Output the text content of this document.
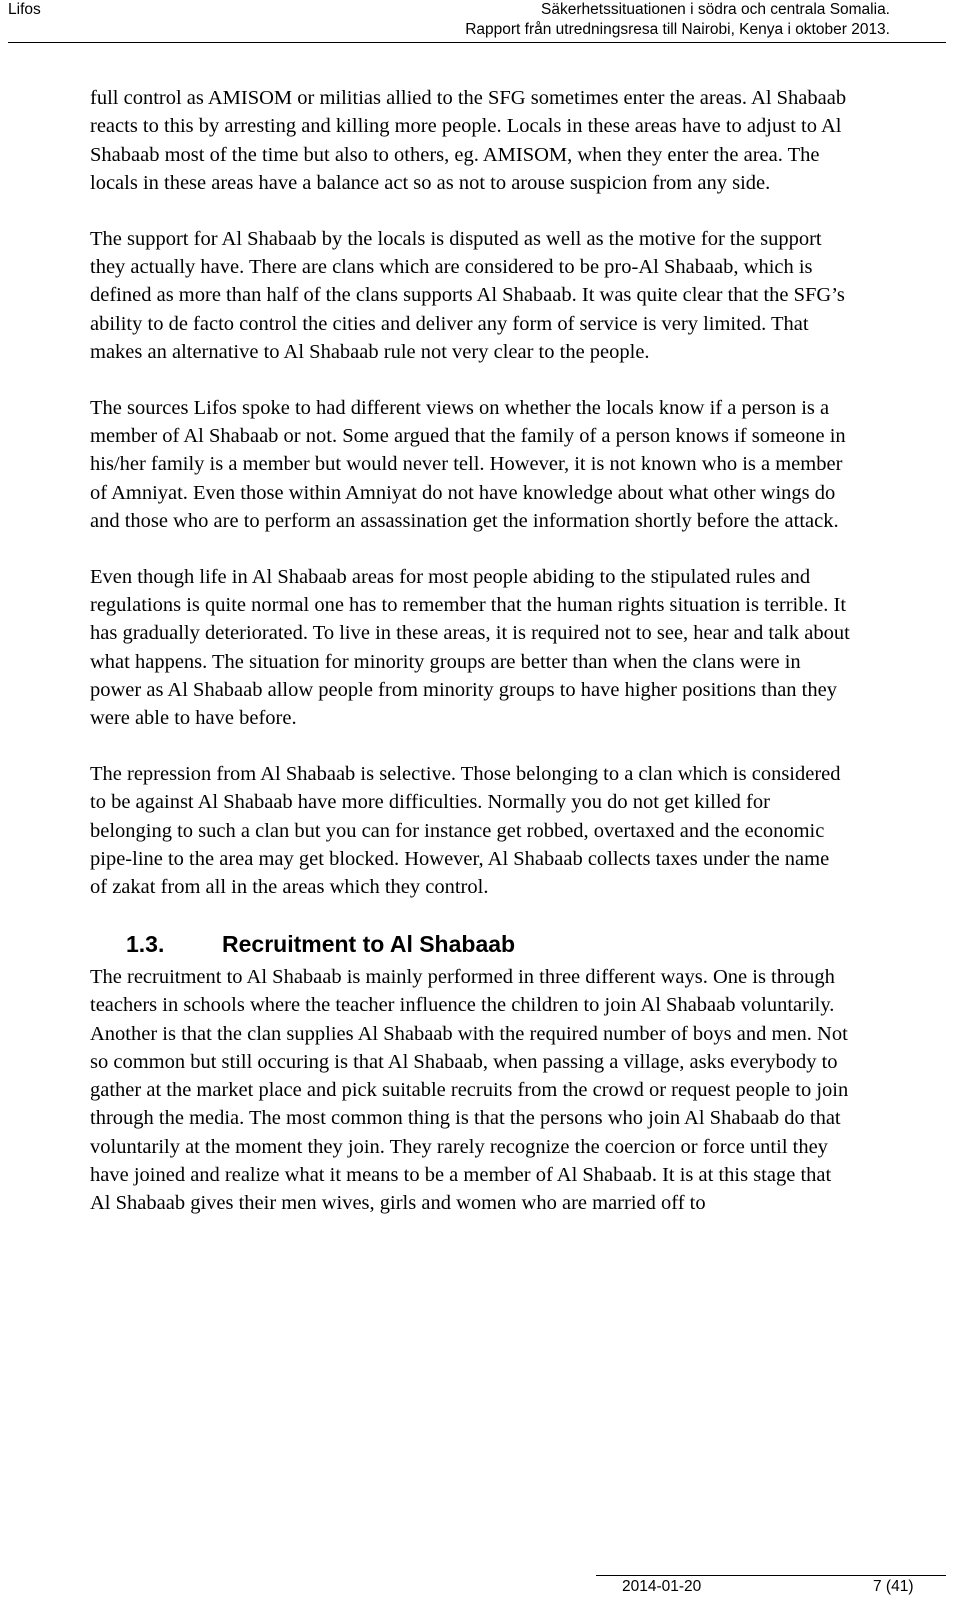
Lifos	Säkerhetssituationen i södra och centrala Somalia.
Rapport från utredningsresa till Nairobi, Kenya i oktober 2013.

full control as AMISOM or militias allied to the SFG sometimes enter the areas. Al Shabaab reacts to this by arresting and killing more people. Locals in these areas have to adjust to Al Shabaab most of the time but also to others, eg. AMISOM, when they enter the area. The locals in these areas have a balance act so as not to arouse suspicion from any side.

The support for Al Shabaab by the locals is disputed as well as the motive for the support they actually have. There are clans which are considered to be pro-Al Shabaab, which is defined as more than half of the clans supports Al Shabaab. It was quite clear that the SFG’s ability to de facto control the cities and deliver any form of service is very limited. That makes an alternative to Al Shabaab rule not very clear to the people.

The sources Lifos spoke to had different views on whether the locals know if a person is a member of Al Shabaab or not. Some argued that the family of a person knows if someone in his/her family is a member but would never tell. However, it is not known who is a member of Amniyat. Even those within Amniyat do not have knowledge about what other wings do and those who are to perform an assassination get the information shortly before the attack.

Even though life in Al Shabaab areas for most people abiding to the stipulated rules and regulations is quite normal one has to remember that the human rights situation is terrible. It has gradually deteriorated. To live in these areas, it is required not to see, hear and talk about what happens. The situation for minority groups are better than when the clans were in power as Al Shabaab allow people from minority groups to have higher positions than they were able to have before.

The repression from Al Shabaab is selective. Those belonging to a clan which is considered to be against Al Shabaab have more difficulties. Normally you do not get killed for belonging to such a clan but you can for instance get robbed, overtaxed and the economic pipe-line to the area may get blocked. However, Al Shabaab collects taxes under the name of zakat from all in the areas which they control.

1.3.	Recruitment to Al Shabaab

The recruitment to Al Shabaab is mainly performed in three different ways. One is through teachers in schools where the teacher influence the children to join Al Shabaab voluntarily. Another is that the clan supplies Al Shabaab with the required number of boys and men. Not so common but still occuring is that Al Shabaab, when passing a village, asks everybody to gather at the market place and pick suitable recruits from the crowd or request people to join through the media. The most common thing is that the persons who join Al Shabaab do that voluntarily at the moment they join. They rarely recognize the coercion or force until they have joined and realize what it means to be a member of Al Shabaab. It is at this stage that Al Shabaab gives their men wives, girls and women who are married off to

2014-01-20	7 (41)
